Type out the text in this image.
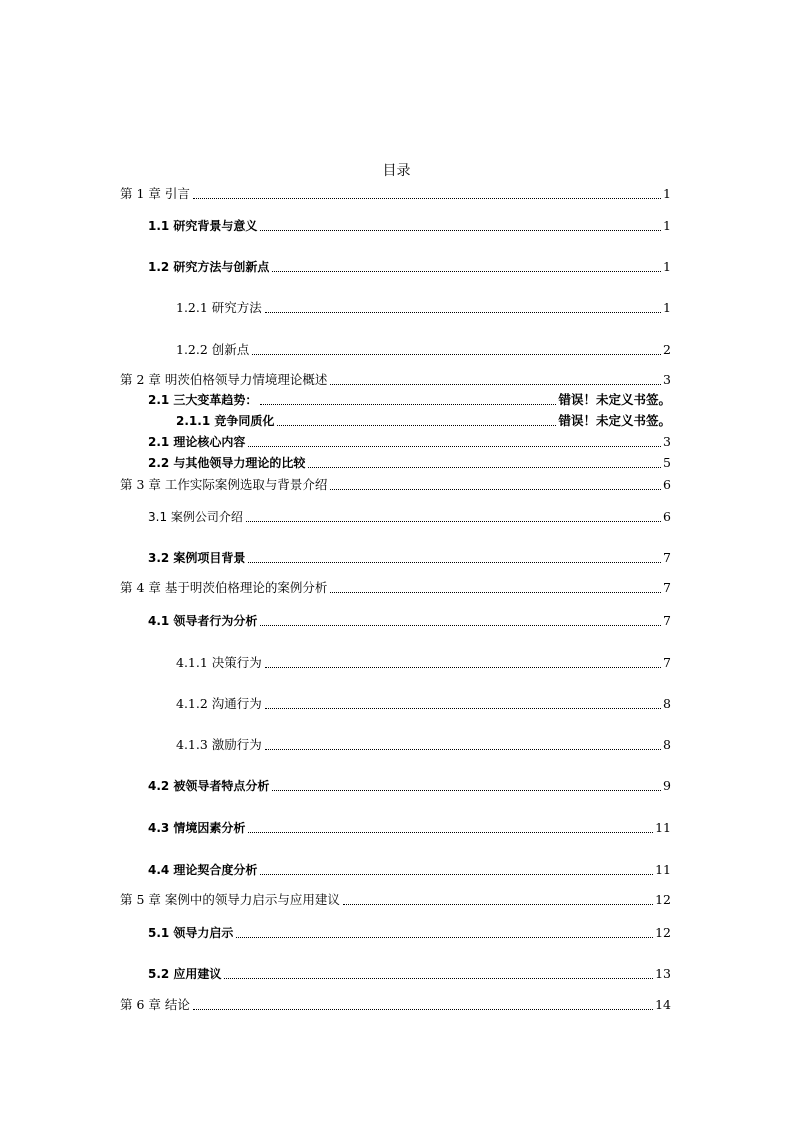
目录
第 1 章 引言	1
1.1 研究背景与意义	1
1.2 研究方法与创新点	1
1.2.1 研究方法	1
1.2.2 创新点	2
第 2 章 明茨伯格领导力情境理论概述	3
2.1 三大变革趋势：	错误！未定义书签。
2.1.1 竞争同质化	错误！未定义书签。
2.1 理论核心内容	3
2.2 与其他领导力理论的比较	5
第 3 章 工作实际案例选取与背景介绍	6
3.1 案例公司介绍	6
3.2 案例项目背景	7
第 4 章 基于明茨伯格理论的案例分析	7
4.1 领导者行为分析	7
4.1.1 决策行为	7
4.1.2 沟通行为	8
4.1.3 激励行为	8
4.2 被领导者特点分析	9
4.3 情境因素分析	11
4.4 理论契合度分析	11
第 5 章 案例中的领导力启示与应用建议	12
5.1 领导力启示	12
5.2 应用建议	13
第 6 章 结论	14
